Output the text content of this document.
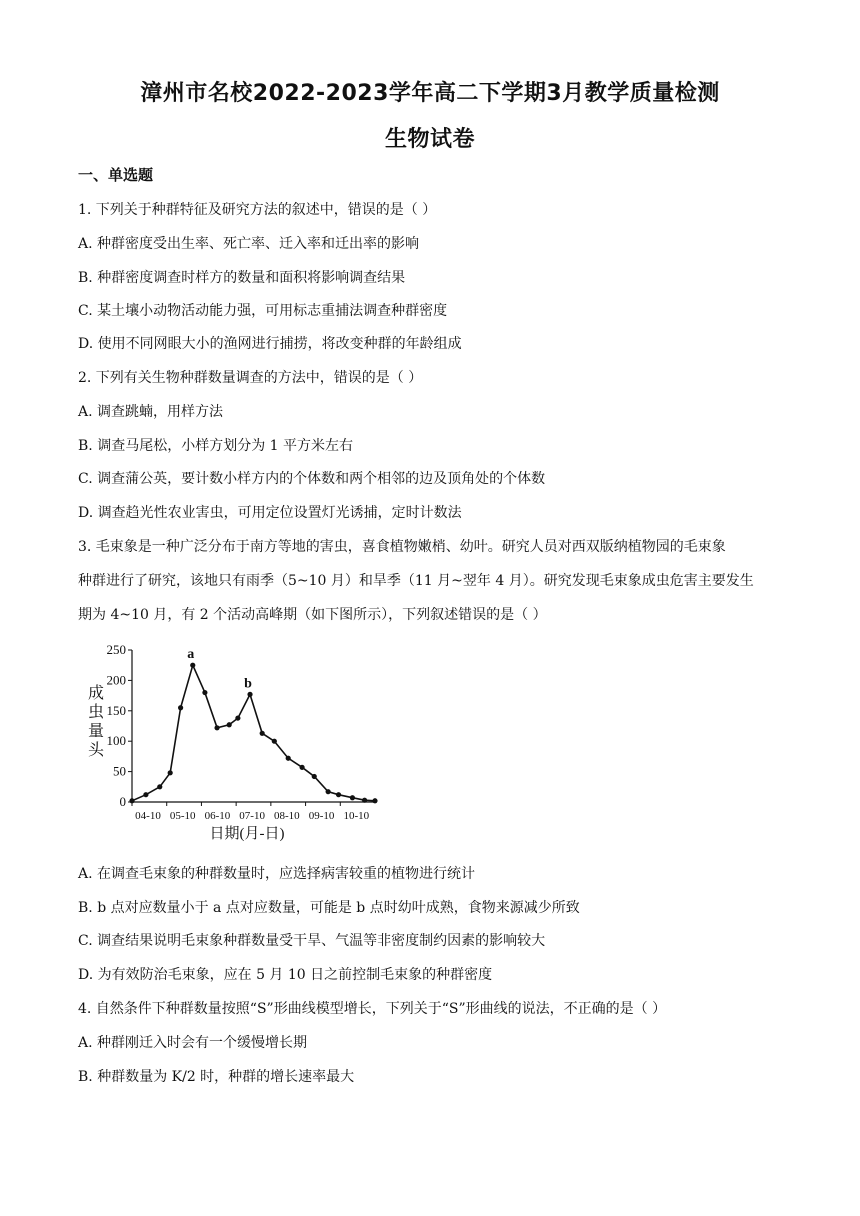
漳州市名校2022-2023学年高二下学期3月教学质量检测
生物试卷
一、单选题
1. 下列关于种群特征及研究方法的叙述中，错误的是（ ）
A. 种群密度受出生率、死亡率、迁入率和迁出率的影响
B. 种群密度调查时样方的数量和面积将影响调查结果
C. 某土壤小动物活动能力强，可用标志重捕法调查种群密度
D. 使用不同网眼大小的渔网进行捕捞，将改变种群的年龄组成
2. 下列有关生物种群数量调查的方法中，错误的是（ ）
A. 调查跳蝻，用样方法
B. 调查马尾松，小样方划分为 1 平方米左右
C. 调查蒲公英，要计数小样方内的个体数和两个相邻的边及顶角处的个体数
D. 调查趋光性农业害虫，可用定位设置灯光诱捕，定时计数法
3. 毛束象是一种广泛分布于南方等地的害虫，喜食植物嫩梢、幼叶。研究人员对西双版纳植物园的毛束象
种群进行了研究，该地只有雨季（5~10 月）和旱季（11 月~翌年 4 月）。研究发现毛束象成虫危害主要发生
期为 4~10 月，有 2 个活动高峰期（如下图所示），下列叙述错误的是（ ）
0
50
100
150
200
250
04-10 05-10 06-10 07-10 08-10 09-10 10-10
成
虫
量
头
日期(月-日)
a
b
A. 在调查毛束象的种群数量时，应选择病害较重的植物进行统计
B. b 点对应数量小于 a 点对应数量，可能是 b 点时幼叶成熟，食物来源减少所致
C. 调查结果说明毛束象种群数量受干旱、气温等非密度制约因素的影响较大
D. 为有效防治毛束象，应在 5 月 10 日之前控制毛束象的种群密度
4. 自然条件下种群数量按照“S”形曲线模型增长，下列关于“S”形曲线的说法，不正确的是（ ）
A. 种群刚迁入时会有一个缓慢增长期
B. 种群数量为 K/2 时，种群的增长速率最大
